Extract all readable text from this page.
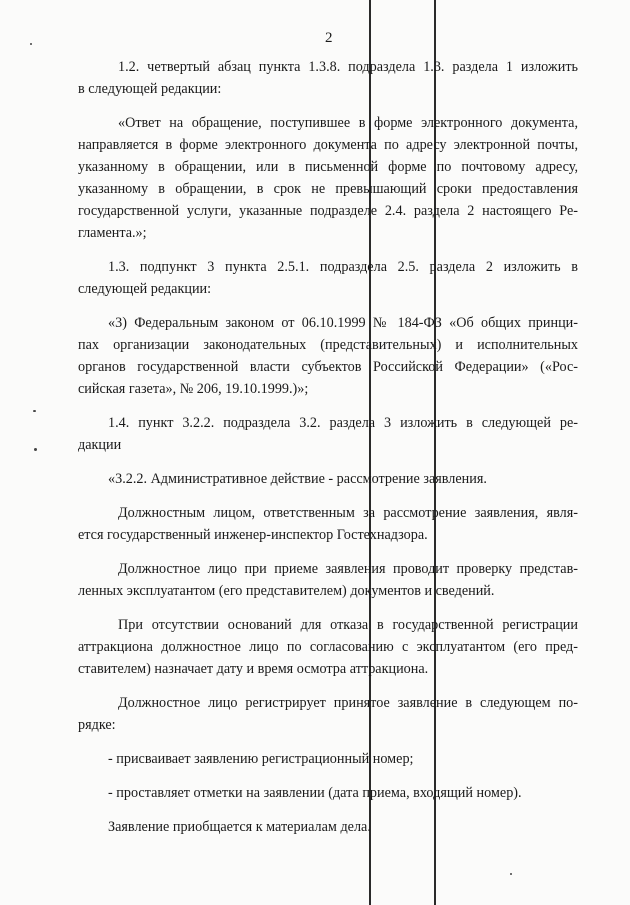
2
1.2. четвертый абзац пункта 1.3.8. подраздела 1.3. раздела 1 изложить
в следующей редакции:
«Ответ на обращение, поступившее в форме электронного документа,
направляется в форме электронного документа по адресу электронной почты,
указанному в обращении, или в письменной форме по почтовому адресу,
указанному в обращении, в срок не превышающий сроки предоставления
государственной услуги, указанные подразделе 2.4. раздела 2 настоящего Ре-
гламента.»;
1.3. подпункт 3 пункта 2.5.1. подраздела 2.5. раздела 2 изложить в
следующей редакции:
«3) Федеральным законом от 06.10.1999 № 184-ФЗ «Об общих принци-
пах организации законодательных (представительных) и исполнительных
органов государственной власти субъектов Российской Федерации» («Рос-
сийская газета», № 206, 19.10.1999.)»;
1.4. пункт 3.2.2. подраздела 3.2. раздела 3 изложить в следующей ре-
дакции
«3.2.2. Административное действие - рассмотрение заявления.
Должностным лицом, ответственным за рассмотрение заявления, явля-
ется государственный инженер-инспектор Гостехнадзора.
Должностное лицо при приеме заявления проводит проверку представ-
ленных эксплуатантом (его представителем) документов и сведений.
При отсутствии оснований для отказа в государственной регистрации
аттракциона должностное лицо по согласованию с эксплуатантом (его пред-
ставителем) назначает дату и время осмотра аттракциона.
Должностное лицо регистрирует принятое заявление в следующем по-
рядке:
- присваивает заявлению регистрационный номер;
- проставляет отметки на заявлении (дата приема, входящий номер).
Заявление приобщается к материалам дела.
